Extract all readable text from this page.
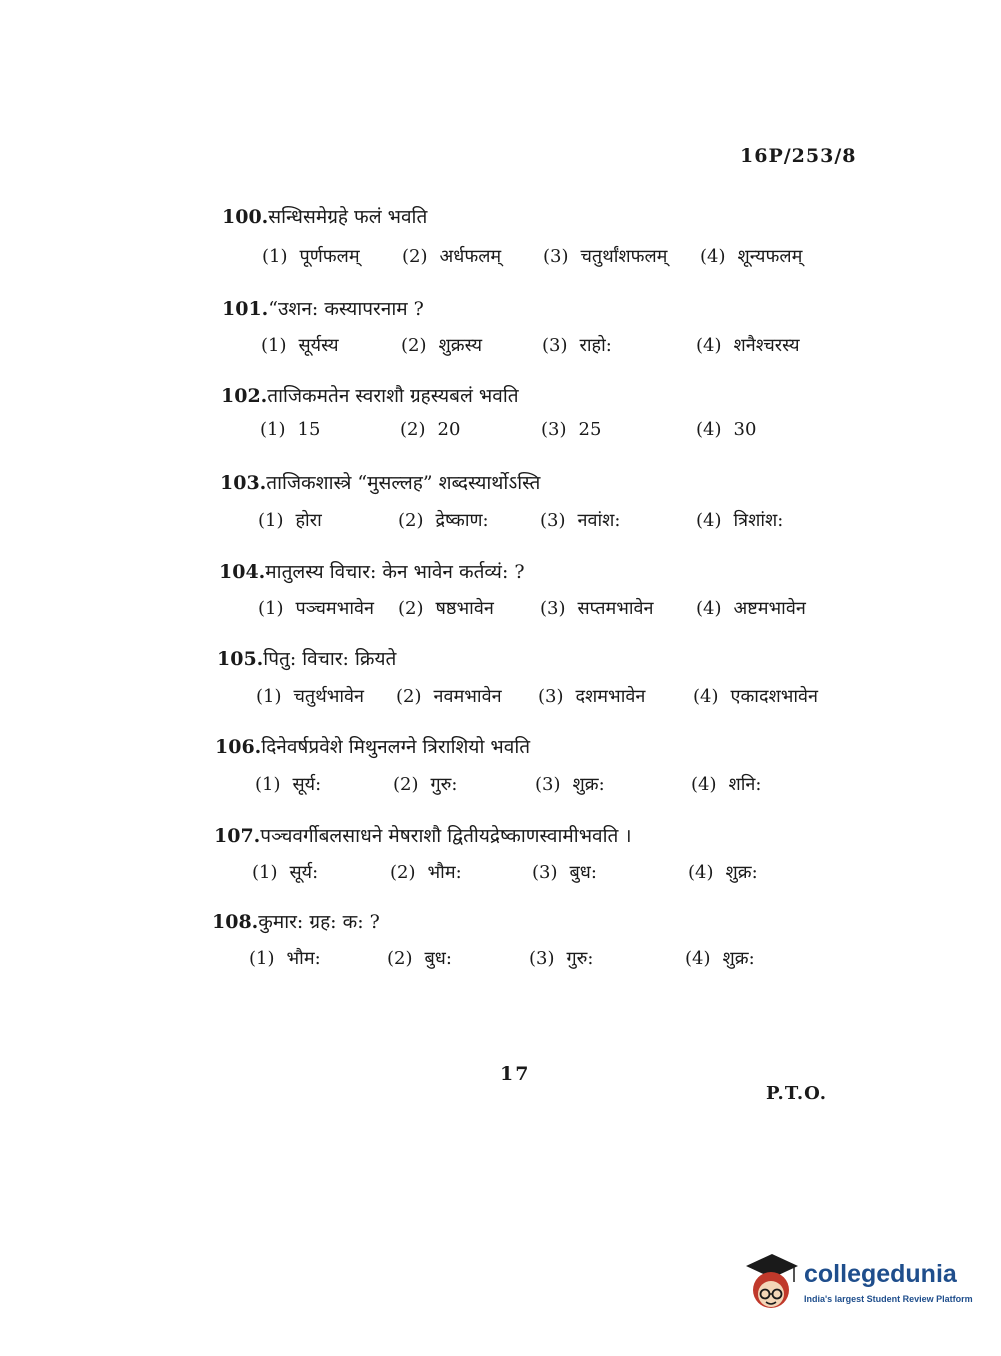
16P/253/8
100.सन्धिसमेग्रहे फलं भवति
(1) पूर्णफलम् (2) अर्धफलम् (3) चतुर्थांशफलम् (4) शून्यफलम्
101.“उशन: कस्यापरनाम ?
(1) सूर्यस्य	(2) शुक्रस्य	(3) राहो:	(4) शनैश्चरस्य
102.ताजिकमतेन स्वराशौ ग्रहस्यबलं भवति
(1) 15	(2) 20	(3) 25	(4) 30
103.ताजिकशास्त्रे “मुसल्लह” शब्दस्यार्थोऽस्ति
(1) होरा	(2) द्रेष्काण:	(3) नवांश:	(4) त्रिशांश:
104.मातुलस्य विचार: केन भावेन कर्तव्यं: ?
(1) पञ्चमभावेन (2) षष्ठभावेन	(3) सप्तमभावेन (4) अष्टमभावेन
105.पितु: विचार: क्रियते
(1) चतुर्थभावेन (2) नवमभावेन (3) दशमभावेन	(4) एकादशभावेन
106.दिनेवर्षप्रवेशे मिथुनलग्ने त्रिराशियो भवति
(1) सूर्य:	(2) गुरु:	(3) शुक्र:	(4) शनि:
107.पञ्चवर्गीबलसाधने मेषराशौ द्वितीयद्रेष्काणस्वामीभवति ।
(1) सूर्य:	(2) भौम:	(3) बुध:	(4) शुक्र:
108.कुमार: ग्रह: क: ?
(1) भौम:	(2) बुध:	(3) गुरु:	(4) शुक्र:
17
P.T.O.
collegedunia
India's largest Student Review Platform
